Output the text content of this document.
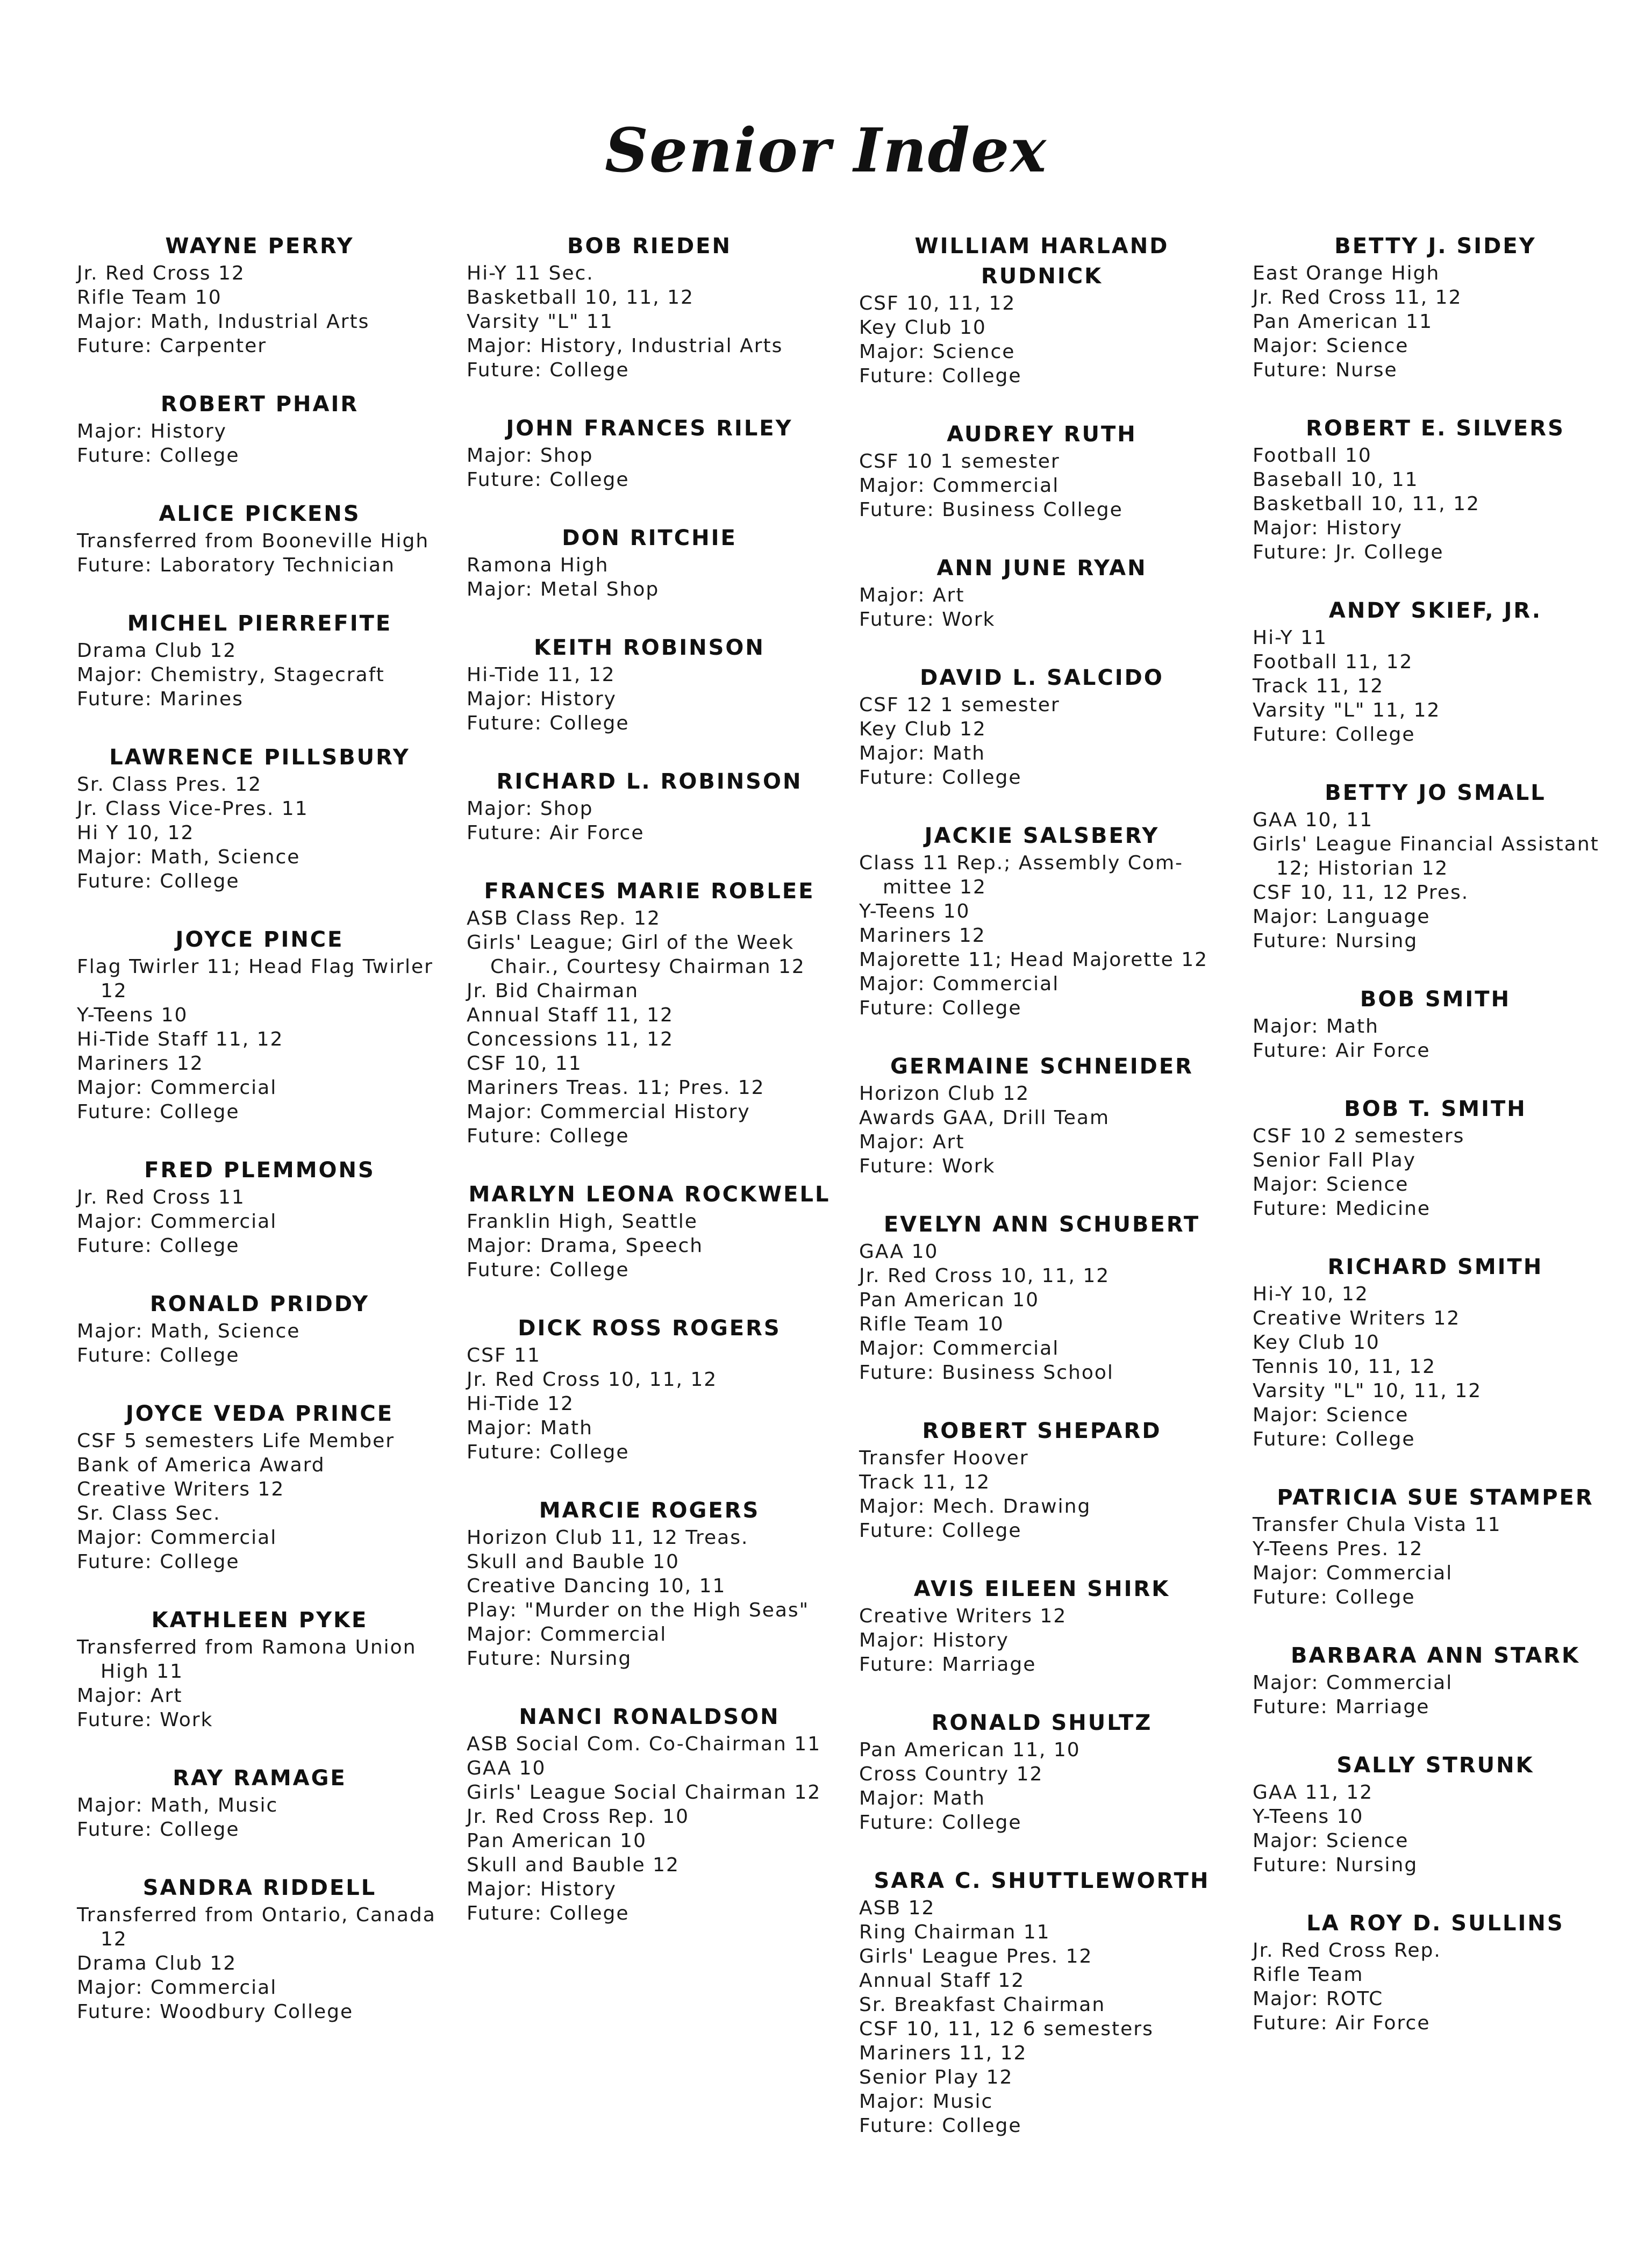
Senior Index
WAYNE PERRY
Jr. Red Cross 12
Rifle Team 10
Major: Math, Industrial Arts
Future: Carpenter
ROBERT PHAIR
Major: History
Future: College
ALICE PICKENS
Transferred from Booneville High
Future: Laboratory Technician
MICHEL PIERREFITE
Drama Club 12
Major: Chemistry, Stagecraft
Future: Marines
LAWRENCE PILLSBURY
Sr. Class Pres. 12
Jr. Class Vice-Pres. 11
Hi Y 10, 12
Major: Math, Science
Future: College
JOYCE PINCE
Flag Twirler 11; Head Flag Twirler
12
Y-Teens 10
Hi-Tide Staff 11, 12
Mariners 12
Major: Commercial
Future: College
FRED PLEMMONS
Jr. Red Cross 11
Major: Commercial
Future: College
RONALD PRIDDY
Major: Math, Science
Future: College
JOYCE VEDA PRINCE
CSF 5 semesters Life Member
Bank of America Award
Creative Writers 12
Sr. Class Sec.
Major: Commercial
Future: College
KATHLEEN PYKE
Transferred from Ramona Union
High 11
Major: Art
Future: Work
RAY RAMAGE
Major: Math, Music
Future: College
SANDRA RIDDELL
Transferred from Ontario, Canada
12
Drama Club 12
Major: Commercial
Future: Woodbury College
BOB RIEDEN
Hi-Y 11 Sec.
Basketball 10, 11, 12
Varsity "L" 11
Major: History, Industrial Arts
Future: College
JOHN FRANCES RILEY
Major: Shop
Future: College
DON RITCHIE
Ramona High
Major: Metal Shop
KEITH ROBINSON
Hi-Tide 11, 12
Major: History
Future: College
RICHARD L. ROBINSON
Major: Shop
Future: Air Force
FRANCES MARIE ROBLEE
ASB Class Rep. 12
Girls' League; Girl of the Week
Chair., Courtesy Chairman 12
Jr. Bid Chairman
Annual Staff 11, 12
Concessions 11, 12
CSF 10, 11
Mariners Treas. 11; Pres. 12
Major: Commercial History
Future: College
MARLYN LEONA ROCKWELL
Franklin High, Seattle
Major: Drama, Speech
Future: College
DICK ROSS ROGERS
CSF 11
Jr. Red Cross 10, 11, 12
Hi-Tide 12
Major: Math
Future: College
MARCIE ROGERS
Horizon Club 11, 12 Treas.
Skull and Bauble 10
Creative Dancing 10, 11
Play: "Murder on the High Seas"
Major: Commercial
Future: Nursing
NANCI RONALDSON
ASB Social Com. Co-Chairman 11
GAA 10
Girls' League Social Chairman 12
Jr. Red Cross Rep. 10
Pan American 10
Skull and Bauble 12
Major: History
Future: College
WILLIAM HARLAND RUDNICK
CSF 10, 11, 12
Key Club 10
Major: Science
Future: College
AUDREY RUTH
CSF 10 1 semester
Major: Commercial
Future: Business College
ANN JUNE RYAN
Major: Art
Future: Work
DAVID L. SALCIDO
CSF 12 1 semester
Key Club 12
Major: Math
Future: College
JACKIE SALSBERY
Class 11 Rep.; Assembly Com-
mittee 12
Y-Teens 10
Mariners 12
Majorette 11; Head Majorette 12
Major: Commercial
Future: College
GERMAINE SCHNEIDER
Horizon Club 12
Awards GAA, Drill Team
Major: Art
Future: Work
EVELYN ANN SCHUBERT
GAA 10
Jr. Red Cross 10, 11, 12
Pan American 10
Rifle Team 10
Major: Commercial
Future: Business School
ROBERT SHEPARD
Transfer Hoover
Track 11, 12
Major: Mech. Drawing
Future: College
AVIS EILEEN SHIRK
Creative Writers 12
Major: History
Future: Marriage
RONALD SHULTZ
Pan American 11, 10
Cross Country 12
Major: Math
Future: College
SARA C. SHUTTLEWORTH
ASB 12
Ring Chairman 11
Girls' League Pres. 12
Annual Staff 12
Sr. Breakfast Chairman
CSF 10, 11, 12 6 semesters
Mariners 11, 12
Senior Play 12
Major: Music
Future: College
BETTY J. SIDEY
East Orange High
Jr. Red Cross 11, 12
Pan American 11
Major: Science
Future: Nurse
ROBERT E. SILVERS
Football 10
Baseball 10, 11
Basketball 10, 11, 12
Major: History
Future: Jr. College
ANDY SKIEF, JR.
Hi-Y 11
Football 11, 12
Track 11, 12
Varsity "L" 11, 12
Future: College
BETTY JO SMALL
GAA 10, 11
Girls' League Financial Assistant
12; Historian 12
CSF 10, 11, 12 Pres.
Major: Language
Future: Nursing
BOB SMITH
Major: Math
Future: Air Force
BOB T. SMITH
CSF 10 2 semesters
Senior Fall Play
Major: Science
Future: Medicine
RICHARD SMITH
Hi-Y 10, 12
Creative Writers 12
Key Club 10
Tennis 10, 11, 12
Varsity "L" 10, 11, 12
Major: Science
Future: College
PATRICIA SUE STAMPER
Transfer Chula Vista 11
Y-Teens Pres. 12
Major: Commercial
Future: College
BARBARA ANN STARK
Major: Commercial
Future: Marriage
SALLY STRUNK
GAA 11, 12
Y-Teens 10
Major: Science
Future: Nursing
LA ROY D. SULLINS
Jr. Red Cross Rep.
Rifle Team
Major: ROTC
Future: Air Force
